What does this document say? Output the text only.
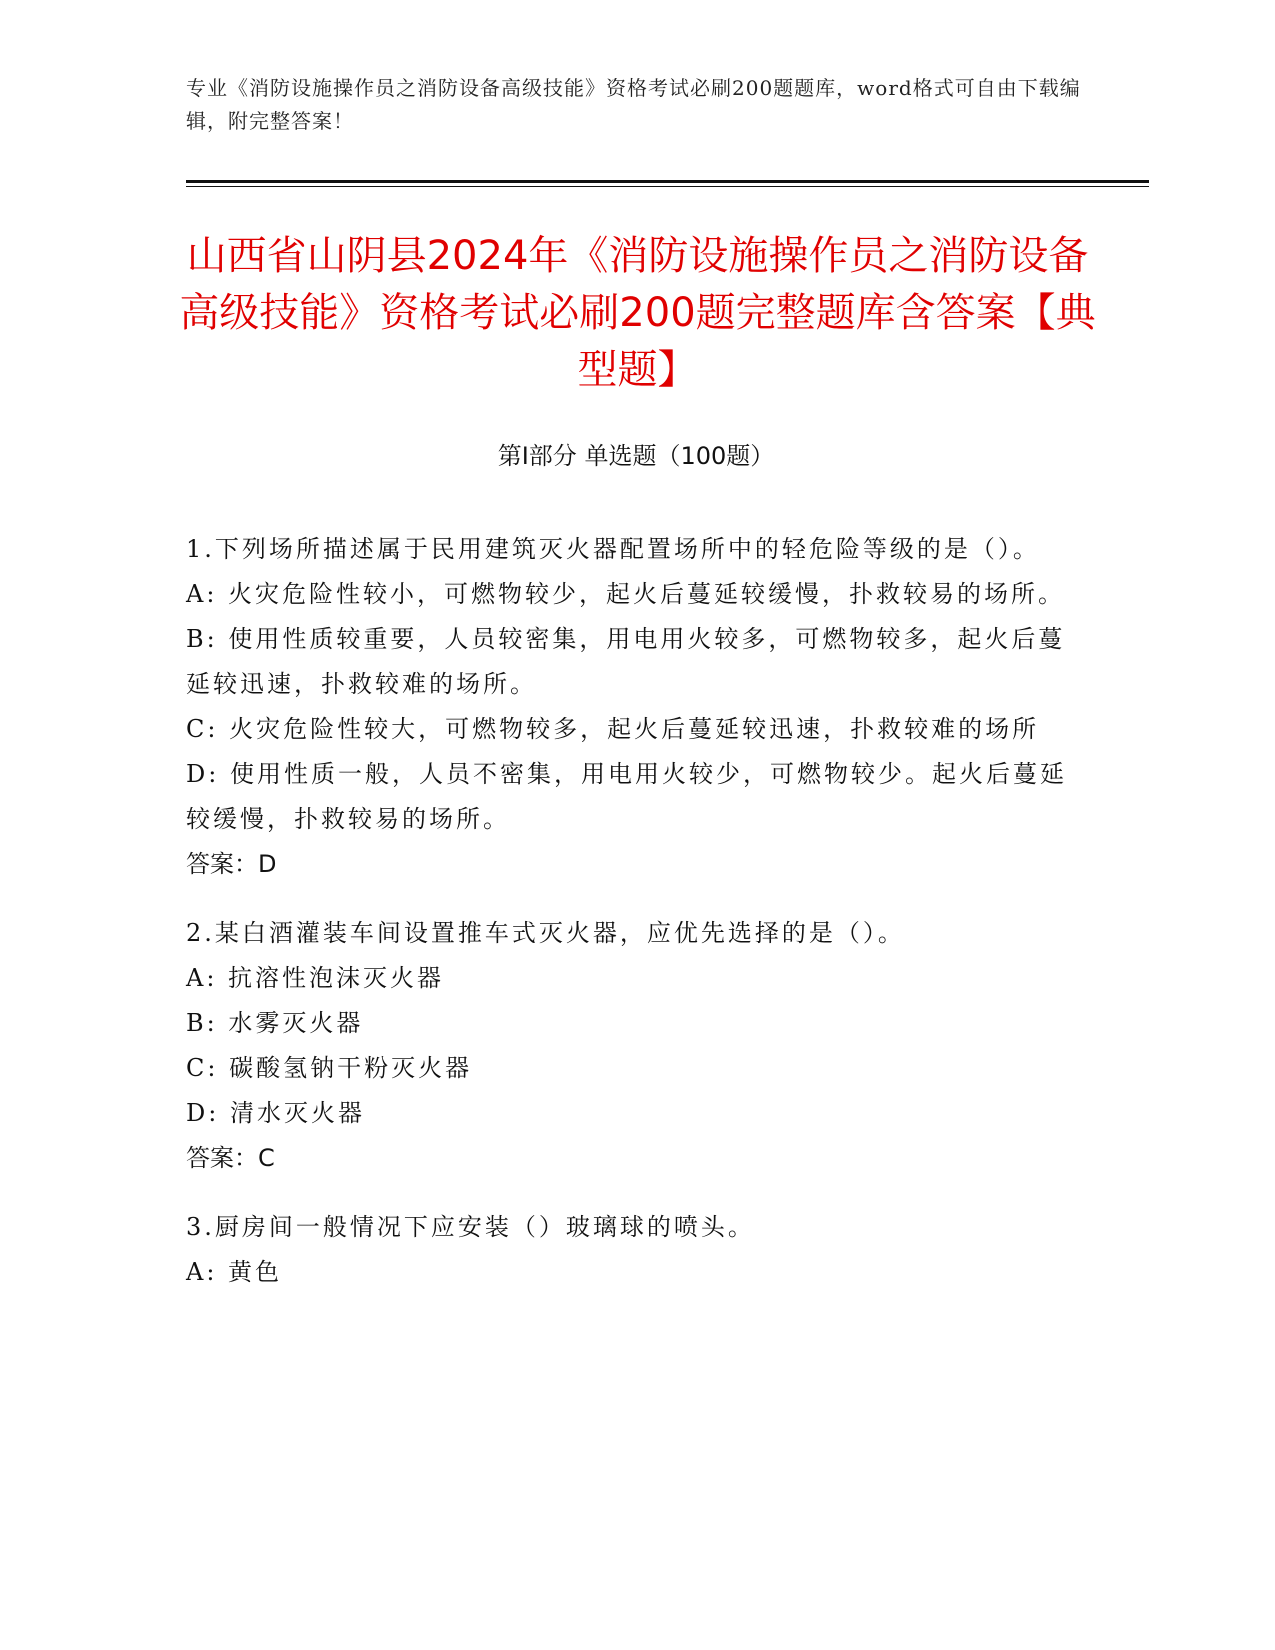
专业《消防设施操作员之消防设备高级技能》资格考试必刷200题题库，word格式可自由下载编辑，附完整答案！
山西省山阴县2024年《消防设施操作员之消防设备高级技能》资格考试必刷200题完整题库含答案【典型题】
第I部分 单选题（100题）
1.下列场所描述属于民用建筑灭火器配置场所中的轻危险等级的是（）。
A: 火灾危险性较小，可燃物较少，起火后蔓延较缓慢，扑救较易的场所。
B: 使用性质较重要，人员较密集，用电用火较多，可燃物较多，起火后蔓延较迅速，扑救较难的场所。
C: 火灾危险性较大，可燃物较多，起火后蔓延较迅速，扑救较难的场所
D: 使用性质一般，人员不密集，用电用火较少，可燃物较少。起火后蔓延较缓慢，扑救较易的场所。
答案：D
2.某白酒灌装车间设置推车式灭火器，应优先选择的是（）。
A: 抗溶性泡沫灭火器
B: 水雾灭火器
C: 碳酸氢钠干粉灭火器
D: 清水灭火器
答案：C
3.厨房间一般情况下应安装（）玻璃球的喷头。
A: 黄色
